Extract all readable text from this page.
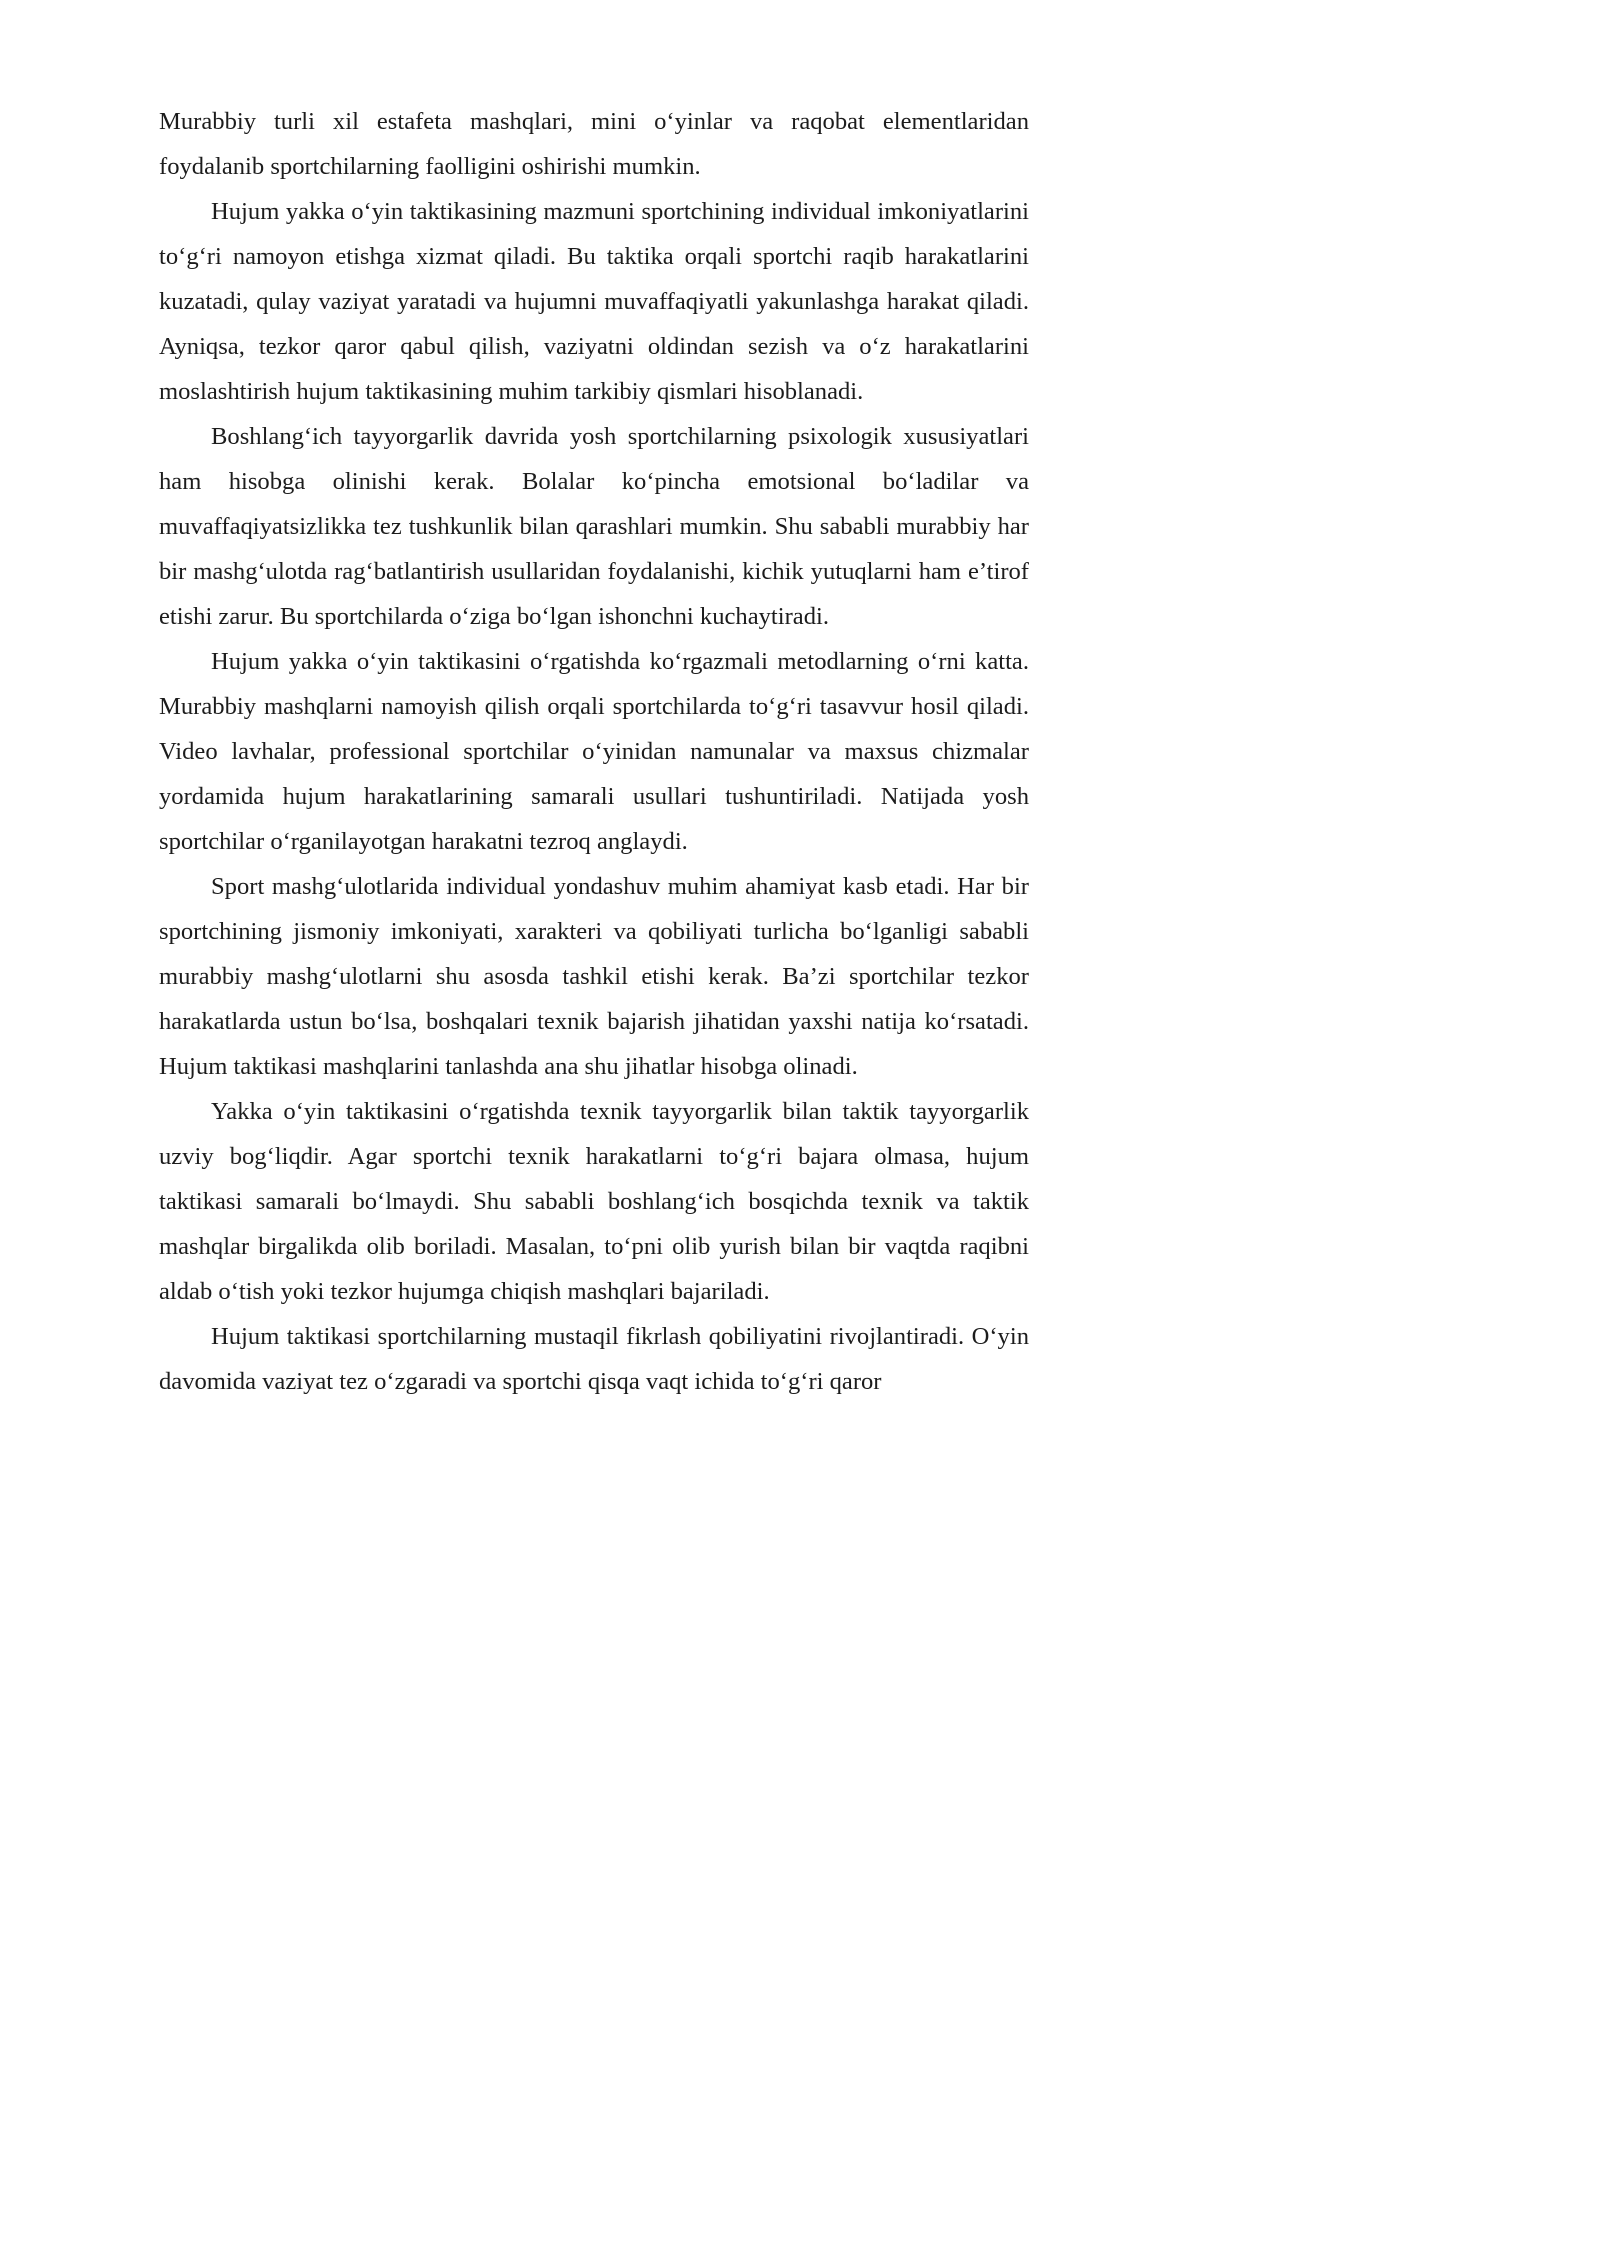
Murabbiy turli xil estafeta mashqlari, mini o‘yinlar va raqobat elementlaridan foydalanib sportchilarning faolligini oshirishi mumkin.

Hujum yakka o‘yin taktikasining mazmuni sportchining individual imkoniyatlarini to‘g‘ri namoyon etishga xizmat qiladi. Bu taktika orqali sportchi raqib harakatlarini kuzatadi, qulay vaziyat yaratadi va hujumni muvaffaqiyatli yakunlashga harakat qiladi. Ayniqsa, tezkor qaror qabul qilish, vaziyatni oldindan sezish va o‘z harakatlarini moslashtirish hujum taktikasining muhim tarkibiy qismlari hisoblanadi.

Boshlang‘ich tayyorgarlik davrida yosh sportchilarning psixologik xususiyatlari ham hisobga olinishi kerak. Bolalar ko‘pincha emotsional bo‘ladilar va muvaffaqiyatsizlikka tez tushkunlik bilan qarashlari mumkin. Shu sababli murabbiy har bir mashg‘ulotda rag‘batlantirish usullaridan foydalanishi, kichik yutuqlarni ham e’tirof etishi zarur. Bu sportchilarda o‘ziga bo‘lgan ishonchni kuchaytiradi.

Hujum yakka o‘yin taktikasini o‘rgatishda ko‘rgazmali metodlarning o‘rni katta. Murabbiy mashqlarni namoyish qilish orqali sportchilarda to‘g‘ri tasavvur hosil qiladi. Video lavhalar, professional sportchilar o‘yinidan namunalar va maxsus chizmalar yordamida hujum harakatlarining samarali usullari tushuntiriladi. Natijada yosh sportchilar o‘rganilayotgan harakatni tezroq anglaydi.

Sport mashg‘ulotlarida individual yondashuv muhim ahamiyat kasb etadi. Har bir sportchining jismoniy imkoniyati, xarakteri va qobiliyati turlicha bo‘lganligi sababli murabbiy mashg‘ulotlarni shu asosda tashkil etishi kerak. Ba’zi sportchilar tezkor harakatlarda ustun bo‘lsa, boshqalari texnik bajarish jihatidan yaxshi natija ko‘rsatadi. Hujum taktikasi mashqlarini tanlashda ana shu jihatlar hisobga olinadi.

Yakka o‘yin taktikasini o‘rgatishda texnik tayyorgarlik bilan taktik tayyorgarlik uzviy bog‘liqdir. Agar sportchi texnik harakatlarni to‘g‘ri bajara olmasa, hujum taktikasi samarali bo‘lmaydi. Shu sababli boshlang‘ich bosqichda texnik va taktik mashqlar birgalikda olib boriladi. Masalan, to‘pni olib yurish bilan bir vaqtda raqibni aldab o‘tish yoki tezkor hujumga chiqish mashqlari bajariladi.

Hujum taktikasi sportchilarning mustaqil fikrlash qobiliyatini rivojlantiradi. O‘yin davomida vaziyat tez o‘zgaradi va sportchi qisqa vaqt ichida to‘g‘ri qaror
